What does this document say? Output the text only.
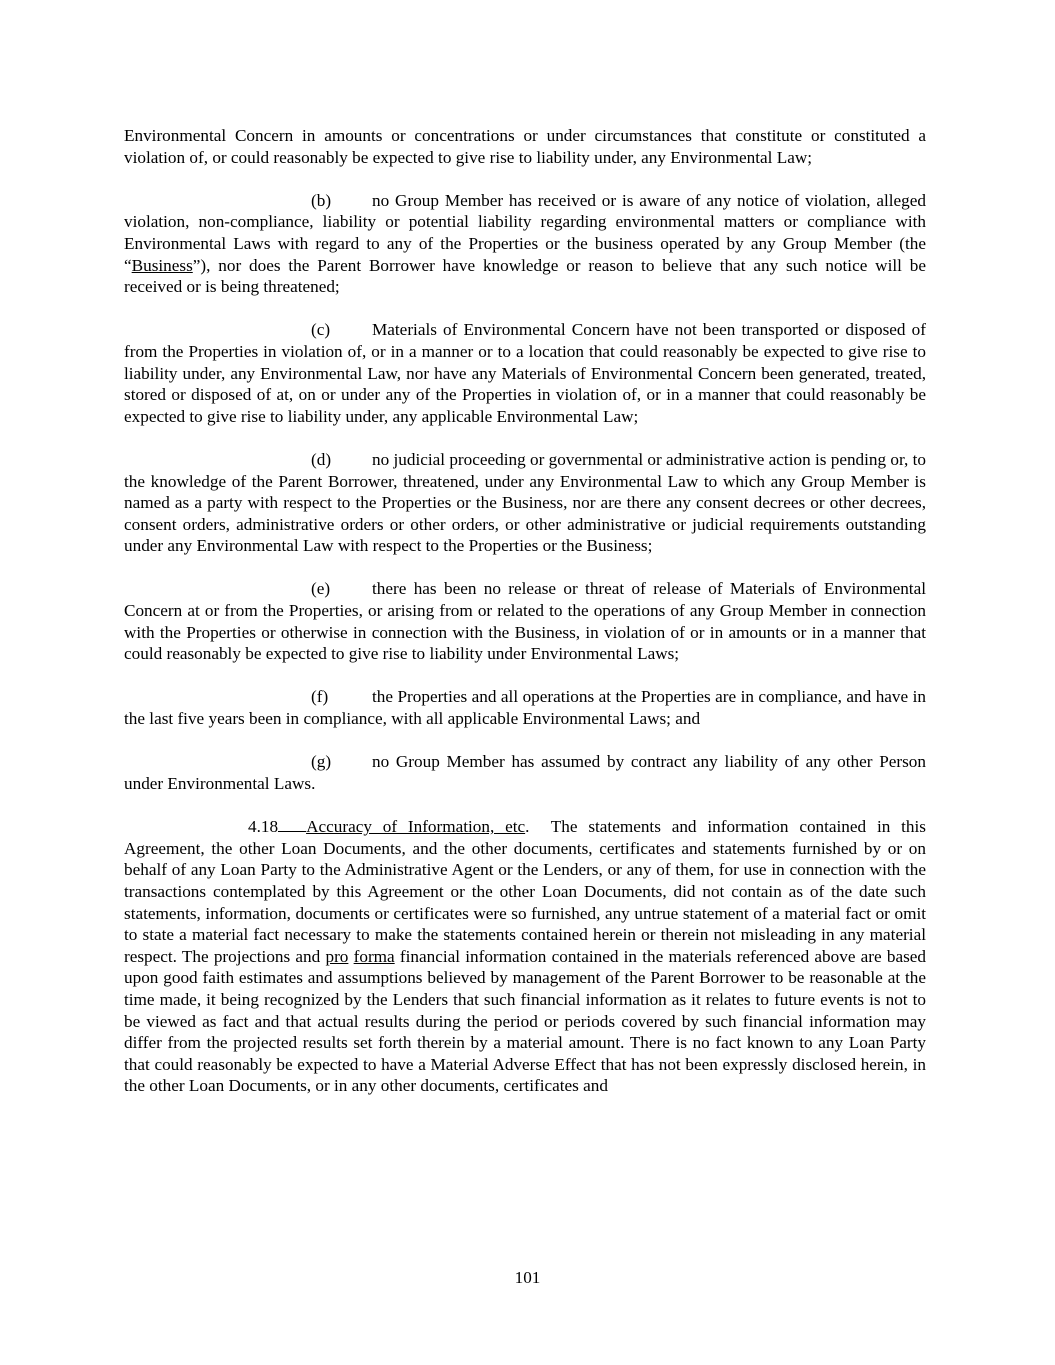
Environmental Concern in amounts or concentrations or under circumstances that constitute or constituted a violation of, or could reasonably be expected to give rise to liability under, any Environmental Law;

(b) no Group Member has received or is aware of any notice of violation, alleged violation, non-compliance, liability or potential liability regarding environmental matters or compliance with Environmental Laws with regard to any of the Properties or the business operated by any Group Member (the “Business”), nor does the Parent Borrower have knowledge or reason to believe that any such notice will be received or is being threatened;

(c) Materials of Environmental Concern have not been transported or disposed of from the Properties in violation of, or in a manner or to a location that could reasonably be expected to give rise to liability under, any Environmental Law, nor have any Materials of Environmental Concern been generated, treated, stored or disposed of at, on or under any of the Properties in violation of, or in a manner that could reasonably be expected to give rise to liability under, any applicable Environmental Law;

(d) no judicial proceeding or governmental or administrative action is pending or, to the knowledge of the Parent Borrower, threatened, under any Environmental Law to which any Group Member is named as a party with respect to the Properties or the Business, nor are there any consent decrees or other decrees, consent orders, administrative orders or other orders, or other administrative or judicial requirements outstanding under any Environmental Law with respect to the Properties or the Business;

(e) there has been no release or threat of release of Materials of Environmental Concern at or from the Properties, or arising from or related to the operations of any Group Member in connection with the Properties or otherwise in connection with the Business, in violation of or in amounts or in a manner that could reasonably be expected to give rise to liability under Environmental Laws;

(f)	the Properties and all operations at the Properties are in compliance, and have in the last five years been in compliance, with all applicable Environmental Laws; and

(g) no Group Member has assumed by contract any liability of any other Person under Environmental Laws.

4.18 Accuracy of Information, etc. The statements and information contained in this Agreement, the other Loan Documents, and the other documents, certificates and statements furnished by or on behalf of any Loan Party to the Administrative Agent or the Lenders, or any of them, for use in connection with the transactions contemplated by this Agreement or the other Loan Documents, did not contain as of the date such statements, information, documents or certificates were so furnished, any untrue statement of a material fact or omit to state a material fact necessary to make the statements contained herein or therein not misleading in any material respect. The projections and pro forma financial information contained in the materials referenced above are based upon good faith estimates and assumptions believed by management of the Parent Borrower to be reasonable at the time made, it being recognized by the Lenders that such financial information as it relates to future events is not to be viewed as fact and that actual results during the period or periods covered by such financial information may differ from the projected results set forth therein by a material amount. There is no fact known to any Loan Party that could reasonably be expected to have a Material Adverse Effect that has not been expressly disclosed herein, in the other Loan Documents, or in any other documents, certificates and

101
